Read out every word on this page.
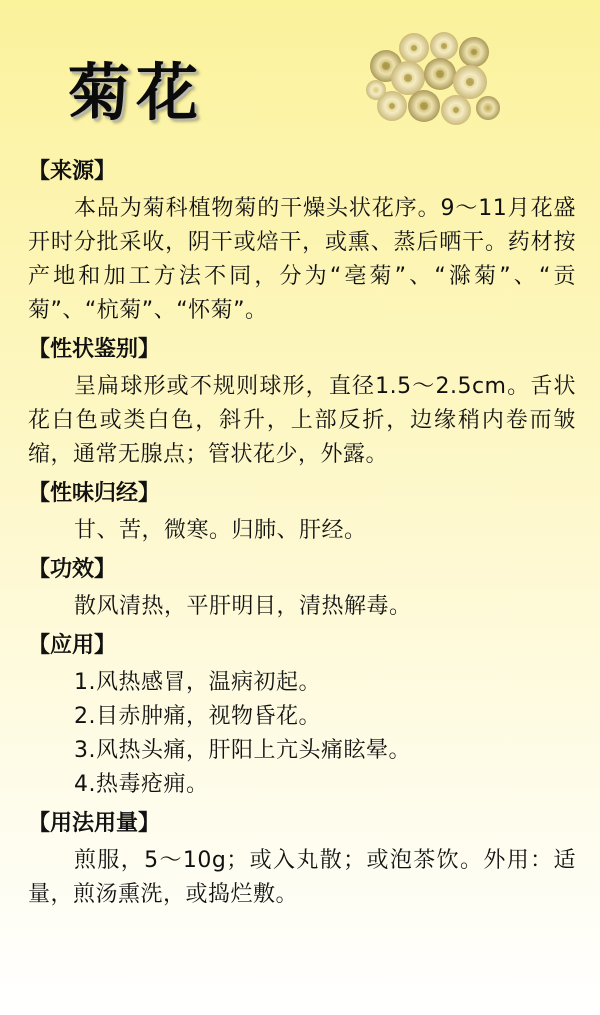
菊花

【来源】

本品为菊科植物菊的干燥头状花序。9～11月花盛开时分批采收，阴干或焙干，或熏、蒸后晒干。药材按产地和加工方法不同，分为“亳菊”、“滁菊”、“贡菊”、“杭菊”、“怀菊”。

【性状鉴别】

呈扁球形或不规则球形，直径1.5～2.5cm。舌状花白色或类白色，斜升，上部反折，边缘稍内卷而皱缩，通常无腺点；管状花少，外露。

【性味归经】

甘、苦，微寒。归肺、肝经。

【功效】

散风清热，平肝明目，清热解毒。

【应用】

1.风热感冒，温病初起。

2.目赤肿痛，视物昏花。

3.风热头痛，肝阳上亢头痛眩晕。

4.热毒疮痈。

【用法用量】

煎服，5～10g；或入丸散；或泡茶饮。外用：适量，煎汤熏洗，或捣烂敷。
